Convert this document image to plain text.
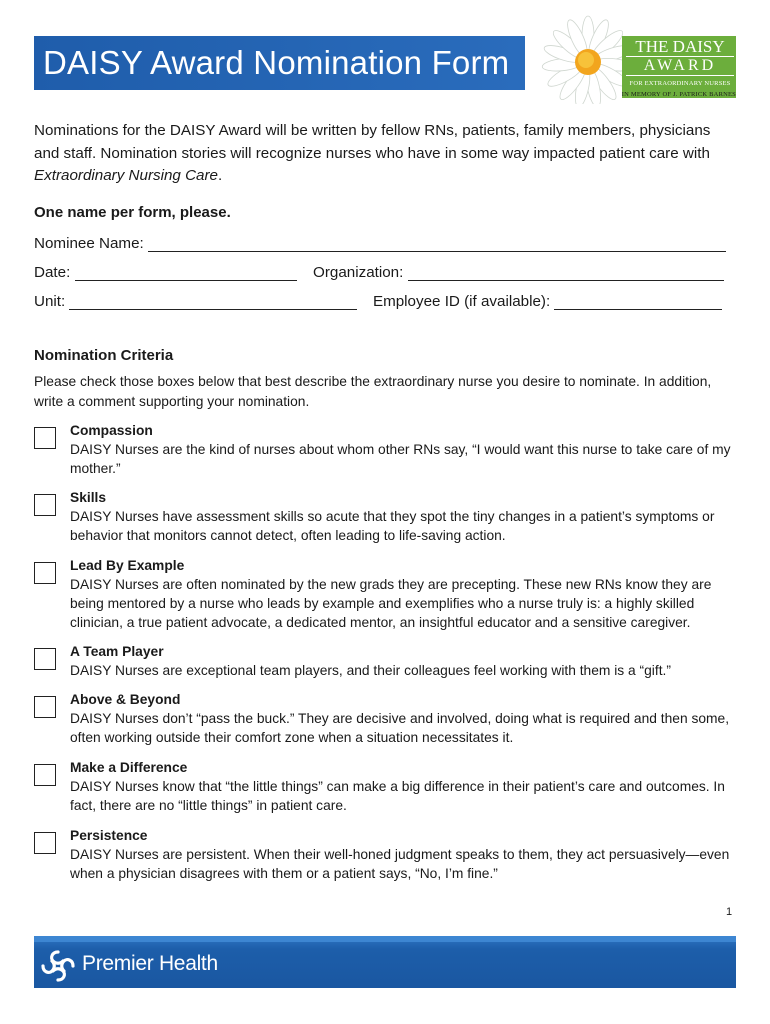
DAISY Award Nomination Form	THE DAISY
AWARD
FOR EXTRAORDINARY NURSES
IN MEMORY OF J. PATRICK BARNES

Nominations for the DAISY Award will be written by fellow RNs, patients, family members, physicians and staff. Nomination stories will recognize nurses who have in some way impacted patient care with Extraordinary Nursing Care.

One name per form, please.
Nominee Name:
Date:	Organization:
Unit:	Employee ID (if available):
Nomination Criteria

Please check those boxes below that best describe the extraordinary nurse you desire to nominate. In addition, write a comment supporting your nomination.

Compassion
DAISY Nurses are the kind of nurses about whom other RNs say, “I would want this nurse to take care of my mother.”
Skills
DAISY Nurses have assessment skills so acute that they spot the tiny changes in a patient’s symptoms or behavior that monitors cannot detect, often leading to life-saving action.
Lead By Example
DAISY Nurses are often nominated by the new grads they are precepting. These new RNs know they are being mentored by a nurse who leads by example and exemplifies who a nurse truly is: a highly skilled clinician, a true patient advocate, a dedicated mentor, an insightful educator and a sensitive caregiver.
A Team Player
DAISY Nurses are exceptional team players, and their colleagues feel working with them is a “gift.”
Above & Beyond
DAISY Nurses don’t “pass the buck.” They are decisive and involved, doing what is required and then some, often working outside their comfort zone when a situation necessitates it.
Make a Difference
DAISY Nurses know that “the little things” can make a big difference in their patient’s care and outcomes. In fact, there are no “little things” in patient care.
Persistence
DAISY Nurses are persistent. When their well-honed judgment speaks to them, they act persuasively—even when a physician disagrees with them or a patient says, “No, I’m fine.”
1
Premier Health
